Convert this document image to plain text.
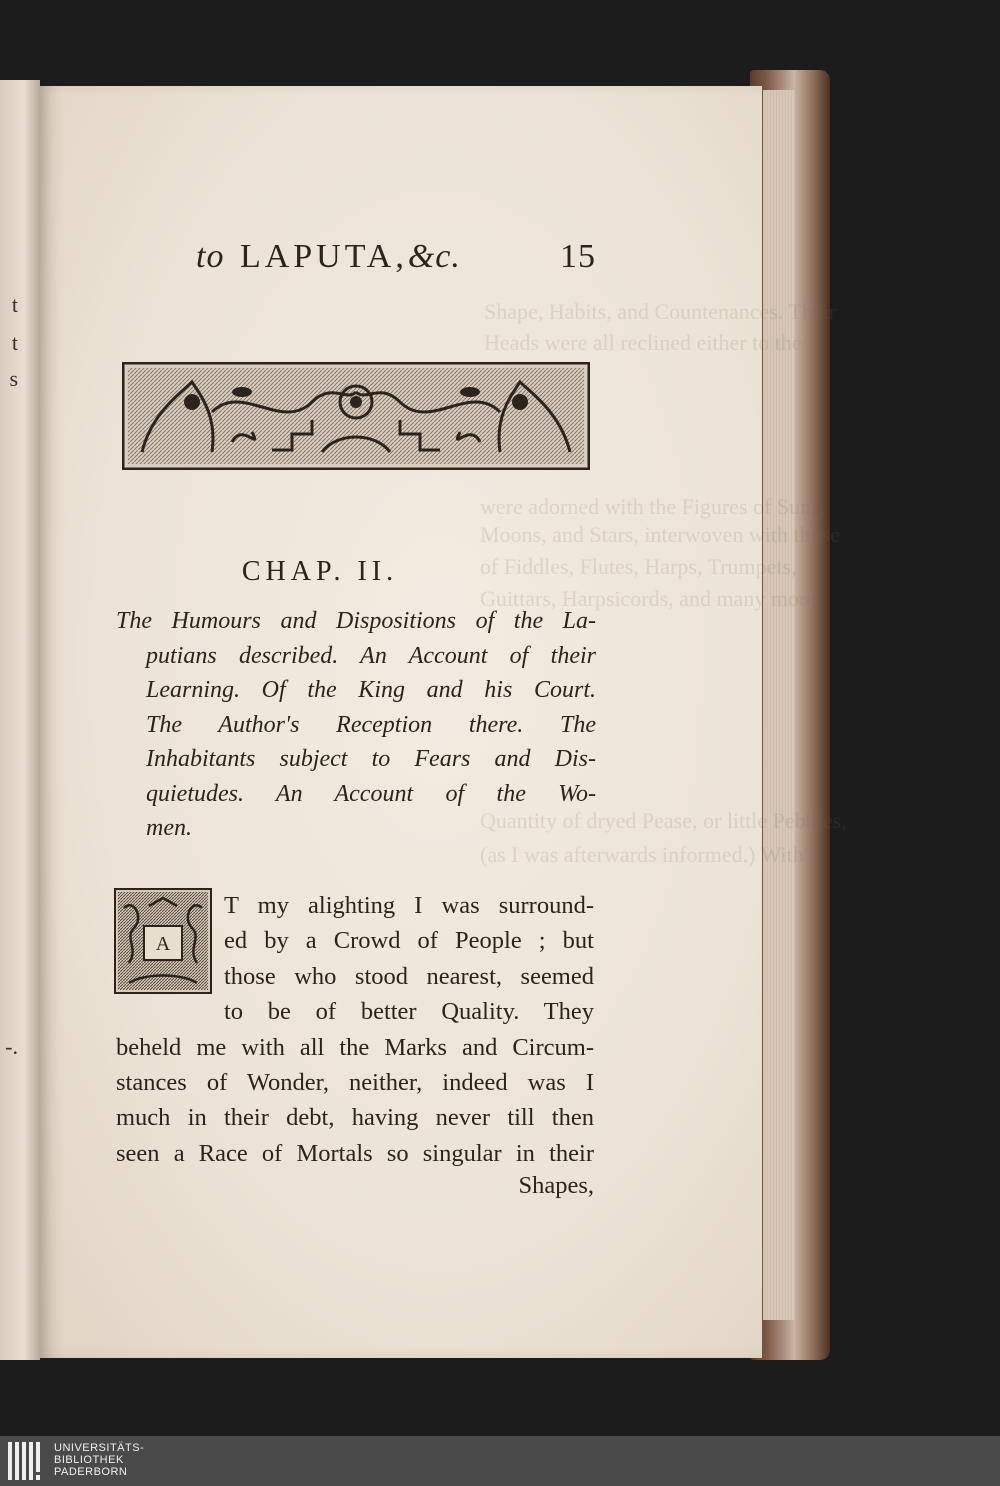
t
t
s
-.
Shape, Habits, and Countenances. Their
Heads were all reclined either to the
were adorned with the Figures of Suns,
Moons, and Stars, interwoven with those
of Fiddles, Flutes, Harps, Trumpets,
Guittars, Harpsicords, and many more
Quantity of dryed Pease, or little Pebbles,
(as I was afterwards informed.) With
to LAPUTA,&c.	15
CHAP. II.
The Humours and Dispositions of the La-
putians described. An Account of their
Learning. Of the King and his Court.
The Author's Reception there. The
Inhabitants subject to Fears and Dis-
quietudes. An Account of the Wo-
men.
A
T my alighting I was surround-
ed by a Crowd of People ; but
those who stood nearest, seemed
to be of better Quality. They
beheld me with all the Marks and Circum-
stances of Wonder, neither, indeed was I
much in their debt, having never till then
seen a Race of Mortals so singular in their
Shapes,
UNIVERSITÄTS-
BIBLIOTHEK
PADERBORN
